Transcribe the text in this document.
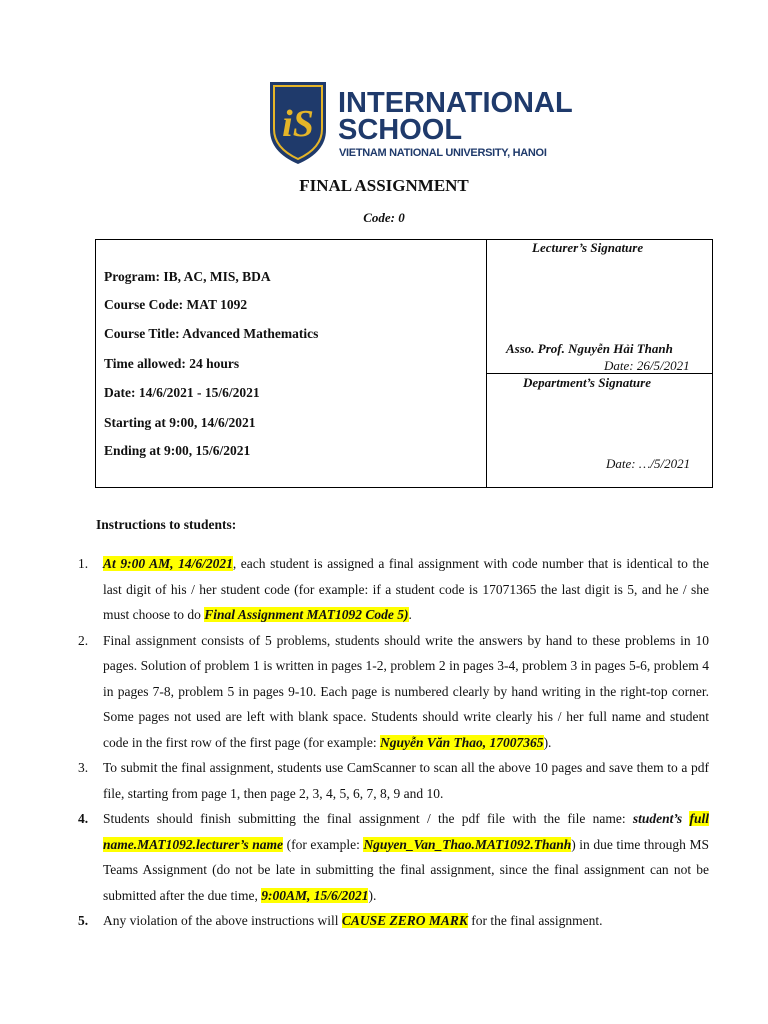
iS INTERNATIONAL
SCHOOL
VIETNAM NATIONAL UNIVERSITY, HANOI
FINAL ASSIGNMENT
Code: 0
Program: IB, AC, MIS, BDA
Course Code: MAT 1092
Course Title: Advanced Mathematics
Time allowed: 24 hours
Date: 14/6/2021 - 15/6/2021
Starting at 9:00, 14/6/2021
Ending at 9:00, 15/6/2021
Lecturer’s Signature
Asso. Prof. Nguyễn Hải Thanh
Date: 26/5/2021
Department’s Signature
Date: …/5/2021
Instructions to students:
1. At 9:00 AM, 14/6/2021, each student is assigned a final assignment with code number that is identical to the last digit of his / her student code (for example: if a student code is 17071365 the last digit is 5, and he / she must choose to do Final Assignment MAT1092 Code 5).
2. Final assignment consists of 5 problems, students should write the answers by hand to these problems in 10 pages. Solution of problem 1 is written in pages 1-2, problem 2 in pages 3-4, problem 3 in pages 5-6, problem 4 in pages 7-8, problem 5 in pages 9-10. Each page is numbered clearly by hand writing in the right-top corner. Some pages not used are left with blank space. Students should write clearly his / her full name and student code in the first row of the first page (for example: Nguyễn Văn Thao, 17007365).
3. To submit the final assignment, students use CamScanner to scan all the above 10 pages and save them to a pdf file, starting from page 1, then page 2, 3, 4, 5, 6, 7, 8, 9 and 10.
4. Students should finish submitting the final assignment / the pdf file with the file name: student’s full name.MAT1092.lecturer’s name (for example: Nguyen_Van_Thao.MAT1092.Thanh) in due time through MS Teams Assignment (do not be late in submitting the final assignment, since the final assignment can not be submitted after the due time, 9:00AM, 15/6/2021).
5. Any violation of the above instructions will CAUSE ZERO MARK for the final assignment.
